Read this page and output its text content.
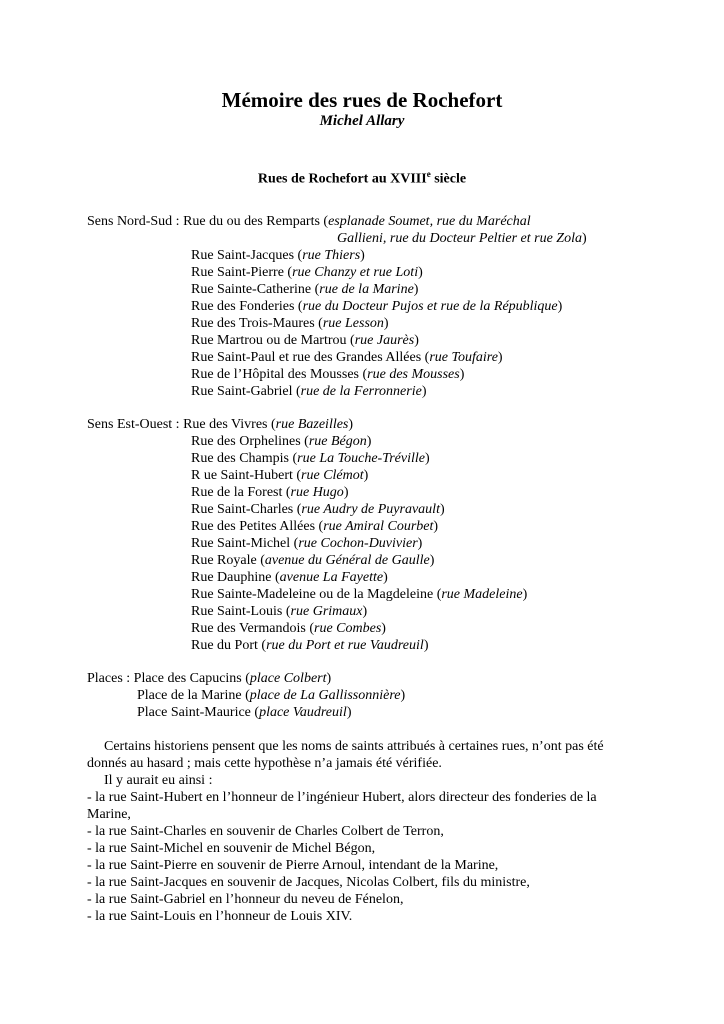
Mémoire des rues de Rochefort
Michel Allary
Rues de Rochefort au XVIIIe siècle
Sens Nord-Sud : Rue du ou des Remparts (esplanade Soumet, rue du Maréchal
Gallieni, rue du Docteur Peltier et rue Zola)
Rue Saint-Jacques (rue Thiers)
Rue Saint-Pierre (rue Chanzy et rue Loti)
Rue Sainte-Catherine (rue de la Marine)
Rue des Fonderies (rue du Docteur Pujos et rue de la République)
Rue des Trois-Maures (rue Lesson)
Rue Martrou ou de Martrou (rue Jaurès)
Rue Saint-Paul et rue des Grandes Allées (rue Toufaire)
Rue de l’Hôpital des Mousses (rue des Mousses)
Rue Saint-Gabriel (rue de la Ferronnerie)
Sens Est-Ouest : Rue des Vivres (rue Bazeilles)
Rue des Orphelines (rue Bégon)
Rue des Champis (rue La Touche-Tréville)
R ue Saint-Hubert (rue Clémot)
Rue de la Forest (rue Hugo)
Rue Saint-Charles (rue Audry de Puyravault)
Rue des Petites Allées (rue Amiral Courbet)
Rue Saint-Michel (rue Cochon-Duvivier)
Rue Royale (avenue du Général de Gaulle)
Rue Dauphine (avenue La Fayette)
Rue Sainte-Madeleine ou de la Magdeleine (rue Madeleine)
Rue Saint-Louis (rue Grimaux)
Rue des Vermandois (rue Combes)
Rue du Port (rue du Port et rue Vaudreuil)
Places : Place des Capucins (place Colbert)
Place de la Marine (place de La Gallissonnière)
Place Saint-Maurice (place Vaudreuil)
Certains historiens pensent que les noms de saints attribués à certaines rues, n’ont pas été
donnés au hasard ; mais cette hypothèse n’a jamais été vérifiée.
Il y aurait eu ainsi :
- la rue Saint-Hubert en l’honneur de l’ingénieur Hubert, alors directeur des fonderies de la
Marine,
- la rue Saint-Charles en souvenir de Charles Colbert de Terron,
- la rue Saint-Michel en souvenir de Michel Bégon,
- la rue Saint-Pierre en souvenir de Pierre Arnoul, intendant de la Marine,
- la rue Saint-Jacques en souvenir de Jacques, Nicolas Colbert, fils du ministre,
- la rue Saint-Gabriel en l’honneur du neveu de Fénelon,
- la rue Saint-Louis en l’honneur de Louis XIV.
